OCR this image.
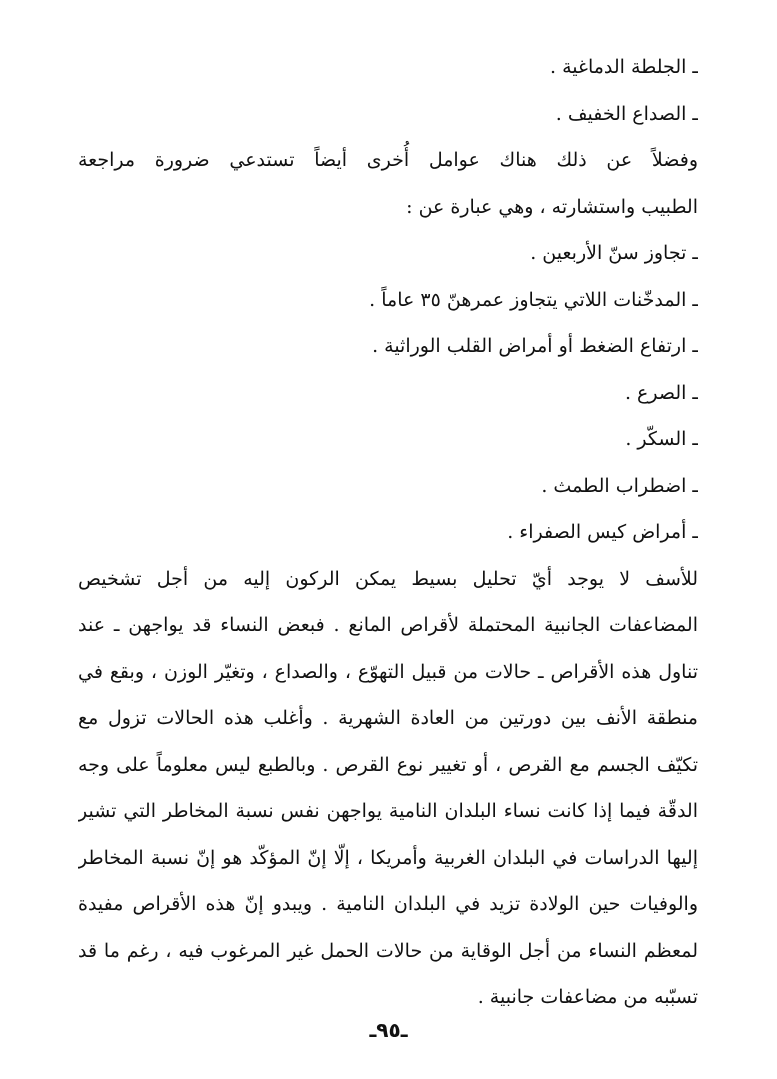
ـ الجلطة الدماغية .
ـ الصداع الخفيف .
وفضلاً عن ذلك هناك عوامل أُخرى أيضاً تستدعي ضرورة مراجعة
الطبيب واستشارته ، وهي عبارة عن :
ـ تجاوز سنّ الأربعين .
ـ المدخّنات اللاتي يتجاوز عمرهنّ ٣٥ عاماً .
ـ ارتفاع الضغط أو أمراض القلب الوراثية .
ـ الصرع .
ـ السكّر .
ـ اضطراب الطمث .
ـ أمراض كيس الصفراء .
للأسف لا يوجد أيّ تحليل بسيط يمكن الركون إليه من أجل تشخيص
المضاعفات الجانبية المحتملة لأقراص المانع . فبعض النساء قد يواجهن ـ عند
تناول هذه الأقراص ـ حالات من قبيل التهوّع ، والصداع ، وتغيّر الوزن ، وبقع في
منطقة الأنف بين دورتين من العادة الشهرية . وأغلب هذه الحالات تزول مع
تكيّف الجسم مع القرص ، أو تغيير نوع القرص . وبالطبع ليس معلوماً على وجه
الدقّة فيما إذا كانت نساء البلدان النامية يواجهن نفس نسبة المخاطر التي تشير
إليها الدراسات في البلدان الغربية وأمريكا ، إلّا إنّ المؤكّد هو إنّ نسبة المخاطر
والوفيات حين الولادة تزيد في البلدان النامية . ويبدو إنّ هذه الأقراص مفيدة
لمعظم النساء من أجل الوقاية من حالات الحمل غير المرغوب فيه ، رغم ما قد
تسبّبه من مضاعفات جانبية .
ـ٩٥ـ
